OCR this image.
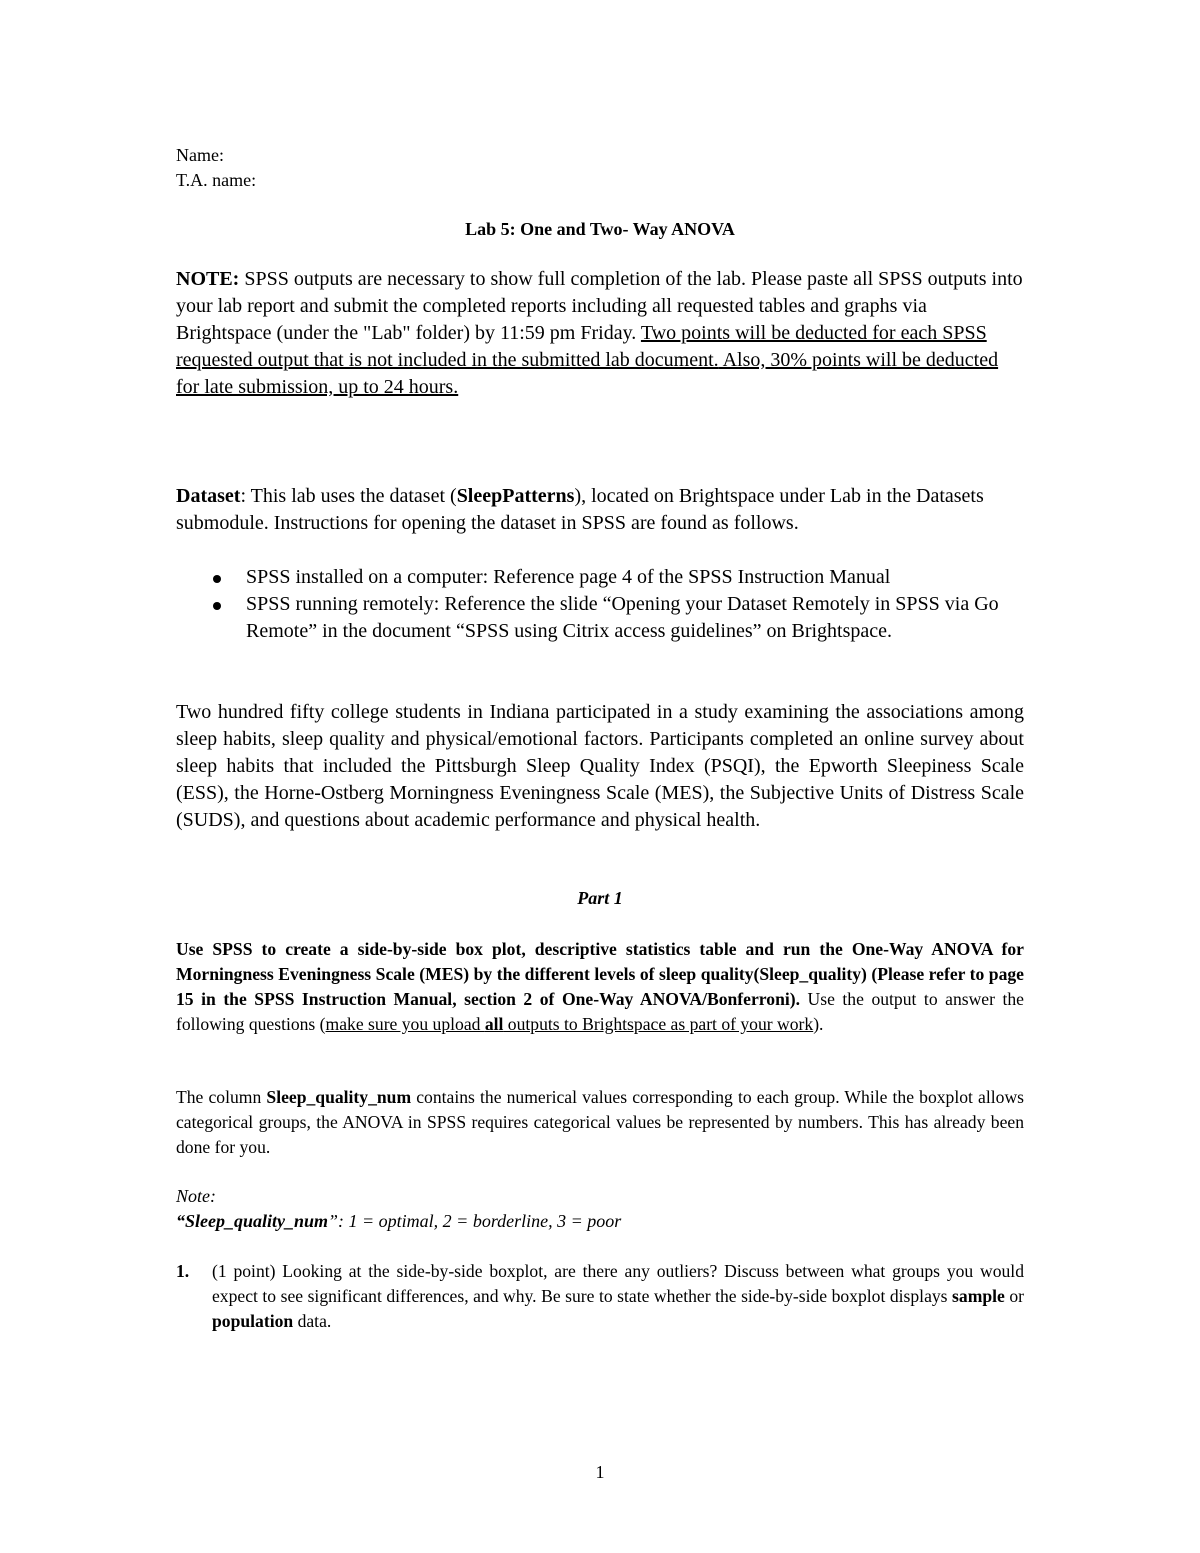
Name:
T.A. name:
Lab 5: One and Two- Way ANOVA
NOTE: SPSS outputs are necessary to show full completion of the lab. Please paste all SPSS outputs into your lab report and submit the completed reports including all requested tables and graphs via Brightspace (under the "Lab" folder) by 11:59 pm Friday. Two points will be deducted for each SPSS requested output that is not included in the submitted lab document. Also, 30% points will be deducted for late submission, up to 24 hours.
Dataset: This lab uses the dataset (SleepPatterns), located on Brightspace under Lab in the Datasets submodule. Instructions for opening the dataset in SPSS are found as follows.
SPSS installed on a computer: Reference page 4 of the SPSS Instruction Manual
SPSS running remotely: Reference the slide “Opening your Dataset Remotely in SPSS via Go Remote” in the document “SPSS using Citrix access guidelines” on Brightspace.
Two hundred fifty college students in Indiana participated in a study examining the associations among sleep habits, sleep quality and physical/emotional factors. Participants completed an online survey about sleep habits that included the Pittsburgh Sleep Quality Index (PSQI), the Epworth Sleepiness Scale (ESS), the Horne-Ostberg Morningness Eveningness Scale (MES), the Subjective Units of Distress Scale (SUDS), and questions about academic performance and physical health.
Part 1
Use SPSS to create a side-by-side box plot, descriptive statistics table and run the One-Way ANOVA for Morningness Eveningness Scale (MES) by the different levels of sleep quality(Sleep_quality) (Please refer to page 15 in the SPSS Instruction Manual, section 2 of One-Way ANOVA/Bonferroni). Use the output to answer the following questions (make sure you upload all outputs to Brightspace as part of your work).
The column Sleep_quality_num contains the numerical values corresponding to each group. While the boxplot allows categorical groups, the ANOVA in SPSS requires categorical values be represented by numbers. This has already been done for you.
Note:
“Sleep_quality_num”: 1 = optimal, 2 = borderline, 3 = poor
1. (1 point) Looking at the side-by-side boxplot, are there any outliers? Discuss between what groups you would expect to see significant differences, and why. Be sure to state whether the side-by-side boxplot displays sample or population data.
1
